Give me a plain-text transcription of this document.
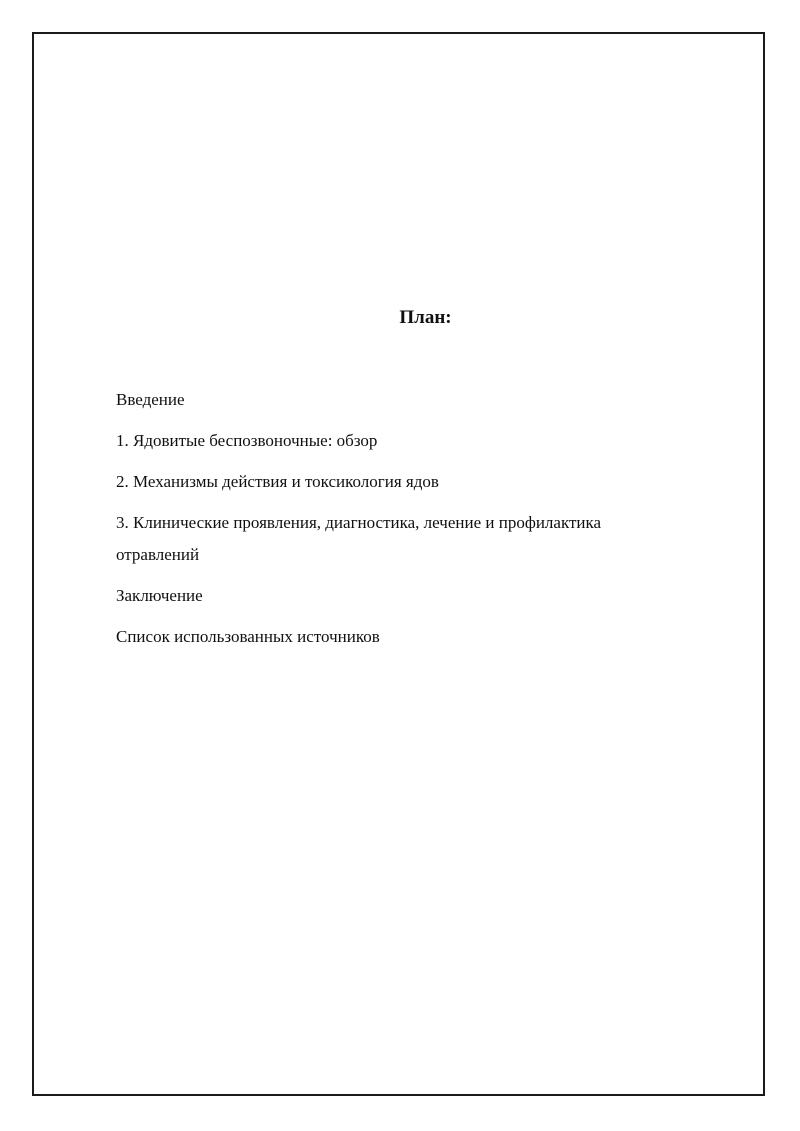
План:
Введение
1. Ядовитые беспозвоночные: обзор
2. Механизмы действия и токсикология ядов
3. Клинические проявления, диагностика, лечение и профилактика отравлений
Заключение
Список использованных источников
